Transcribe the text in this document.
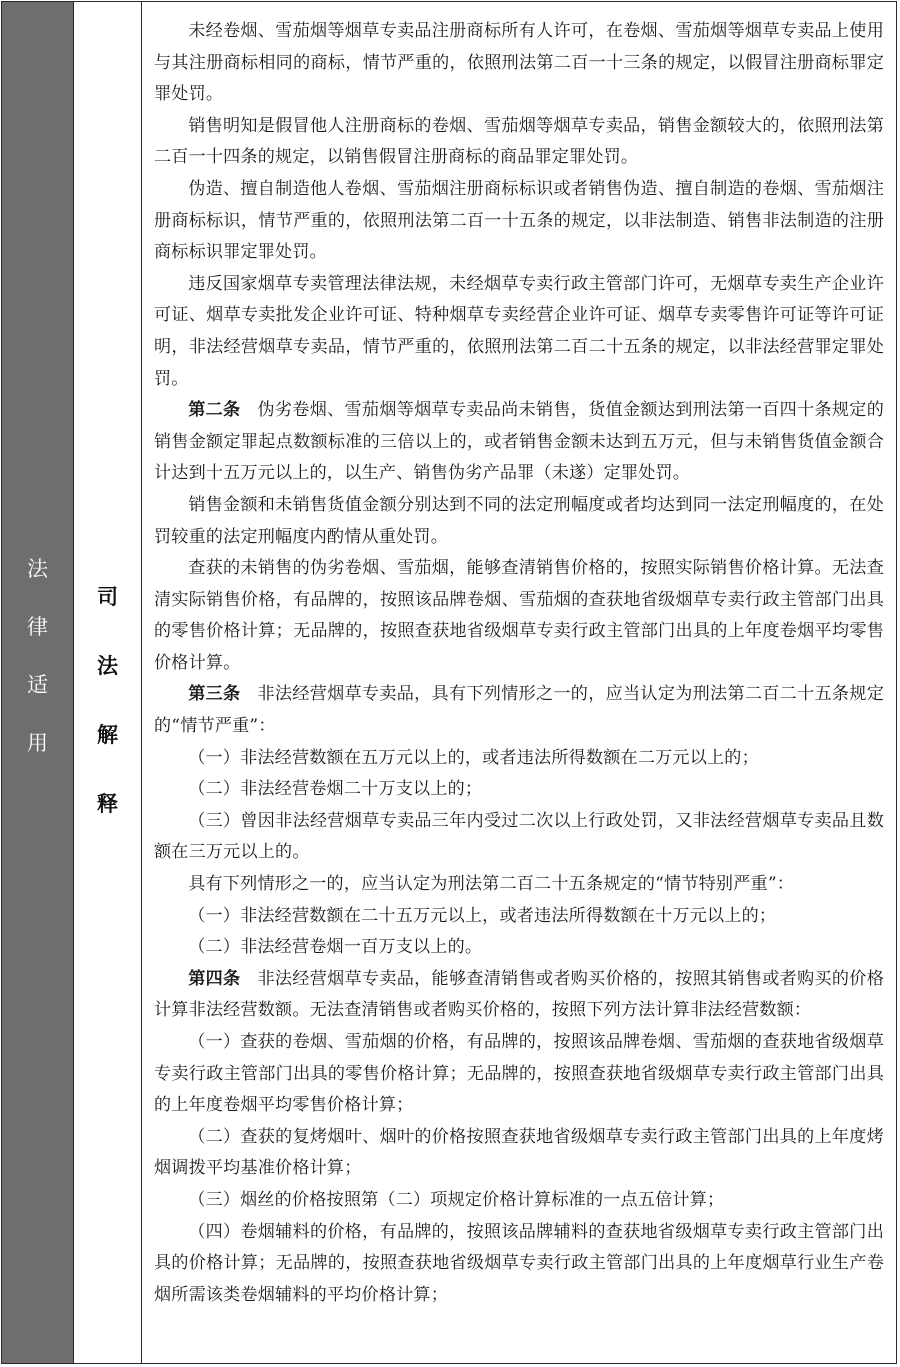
法
律
适
用
司
法
解
释

未经卷烟、雪茄烟等烟草专卖品注册商标所有人许可，在卷烟、雪茄烟等烟草专卖品上使用与其注册商标相同的商标，情节严重的，依照刑法第二百一十三条的规定，以假冒注册商标罪定罪处罚。

销售明知是假冒他人注册商标的卷烟、雪茄烟等烟草专卖品，销售金额较大的，依照刑法第二百一十四条的规定，以销售假冒注册商标的商品罪定罪处罚。

伪造、擅自制造他人卷烟、雪茄烟注册商标标识或者销售伪造、擅自制造的卷烟、雪茄烟注册商标标识，情节严重的，依照刑法第二百一十五条的规定，以非法制造、销售非法制造的注册商标标识罪定罪处罚。

违反国家烟草专卖管理法律法规，未经烟草专卖行政主管部门许可，无烟草专卖生产企业许可证、烟草专卖批发企业许可证、特种烟草专卖经营企业许可证、烟草专卖零售许可证等许可证明，非法经营烟草专卖品，情节严重的，依照刑法第二百二十五条的规定，以非法经营罪定罪处罚。

第二条 伪劣卷烟、雪茄烟等烟草专卖品尚未销售，货值金额达到刑法第一百四十条规定的销售金额定罪起点数额标准的三倍以上的，或者销售金额未达到五万元，但与未销售货值金额合计达到十五万元以上的，以生产、销售伪劣产品罪（未遂）定罪处罚。

销售金额和未销售货值金额分别达到不同的法定刑幅度或者均达到同一法定刑幅度的，在处罚较重的法定刑幅度内酌情从重处罚。

查获的未销售的伪劣卷烟、雪茄烟，能够查清销售价格的，按照实际销售价格计算。无法查清实际销售价格，有品牌的，按照该品牌卷烟、雪茄烟的查获地省级烟草专卖行政主管部门出具的零售价格计算；无品牌的，按照查获地省级烟草专卖行政主管部门出具的上年度卷烟平均零售价格计算。

第三条 非法经营烟草专卖品，具有下列情形之一的，应当认定为刑法第二百二十五条规定的“情节严重”：

（一）非法经营数额在五万元以上的，或者违法所得数额在二万元以上的；

（二）非法经营卷烟二十万支以上的；

（三）曾因非法经营烟草专卖品三年内受过二次以上行政处罚，又非法经营烟草专卖品且数额在三万元以上的。

具有下列情形之一的，应当认定为刑法第二百二十五条规定的“情节特别严重”：

（一）非法经营数额在二十五万元以上，或者违法所得数额在十万元以上的；

（二）非法经营卷烟一百万支以上的。

第四条 非法经营烟草专卖品，能够查清销售或者购买价格的，按照其销售或者购买的价格计算非法经营数额。无法查清销售或者购买价格的，按照下列方法计算非法经营数额：

（一）查获的卷烟、雪茄烟的价格，有品牌的，按照该品牌卷烟、雪茄烟的查获地省级烟草专卖行政主管部门出具的零售价格计算；无品牌的，按照查获地省级烟草专卖行政主管部门出具的上年度卷烟平均零售价格计算；

（二）查获的复烤烟叶、烟叶的价格按照查获地省级烟草专卖行政主管部门出具的上年度烤烟调拨平均基准价格计算；

（三）烟丝的价格按照第（二）项规定价格计算标准的一点五倍计算；

（四）卷烟辅料的价格，有品牌的，按照该品牌辅料的查获地省级烟草专卖行政主管部门出具的价格计算；无品牌的，按照查获地省级烟草专卖行政主管部门出具的上年度烟草行业生产卷烟所需该类卷烟辅料的平均价格计算；
